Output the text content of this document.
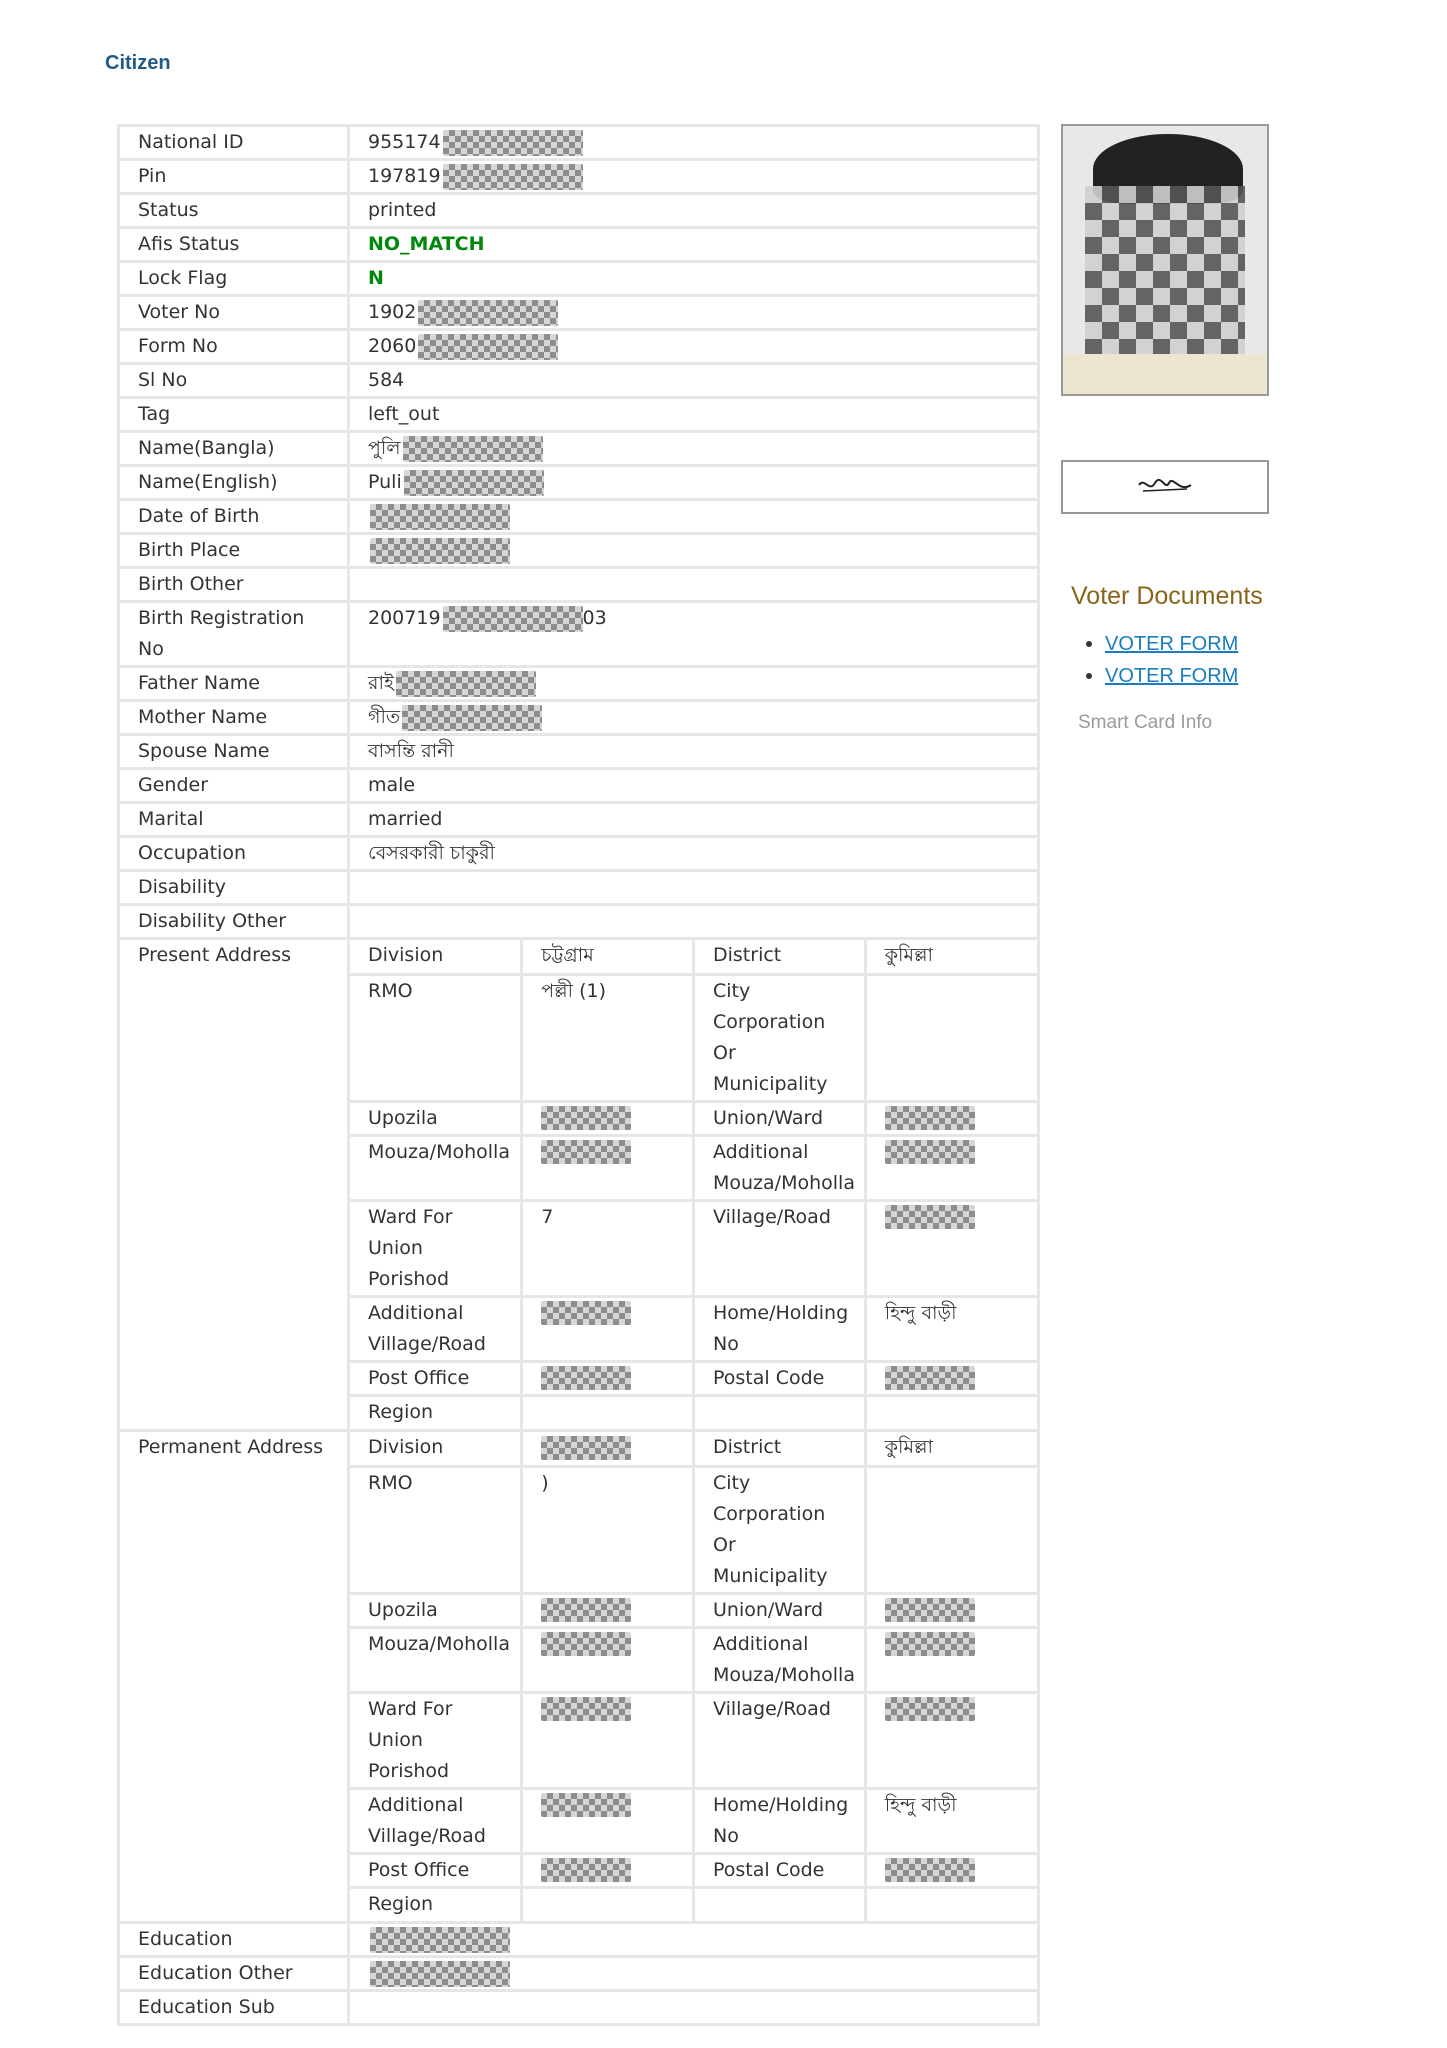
Citizen
National ID	955174
Pin	197819
Status	printed
Afis Status	NO_MATCH
Lock Flag	N
Voter No	1902
Form No	2060
Sl No	584
Tag	left_out
Name(Bangla)	পুলি
Name(English)	Puli
Date of Birth	
Birth Place	
Birth Other	
Birth Registration No	200719	03
Father Name	রাই
Mother Name	গীত
Spouse Name	বাসন্তি রানী
Gender	male
Marital	married
Occupation	বেসরকারী চাকুরী
Disability	
Disability Other	
Present Address		Division	চট্টগ্রাম	District	কুমিল্লা
RMO	পল্লী (1)	City Corporation Or Municipality	
Upozila		Union/Ward	
Mouza/Moholla		Additional Mouza/Moholla	
Ward For Union Porishod	7	Village/Road	
Additional Village/Road		Home/Holding No	হিন্দু বাড়ী
Post Office		Postal Code	
Region			

Permanent Address	Division		District	কুমিল্লা
RMO	)	City Corporation Or Municipality	
Upozila		Union/Ward	
Mouza/Moholla		Additional Mouza/Moholla	
Ward For Union Porishod		Village/Road	
Additional Village/Road		Home/Holding No	হিন্দু বাড়ী
Post Office		Postal Code	
Region			

Education	
Education Other	
Education Sub	
Voter Documents
• VOTER FORM
• VOTER FORM
Smart Card Info
